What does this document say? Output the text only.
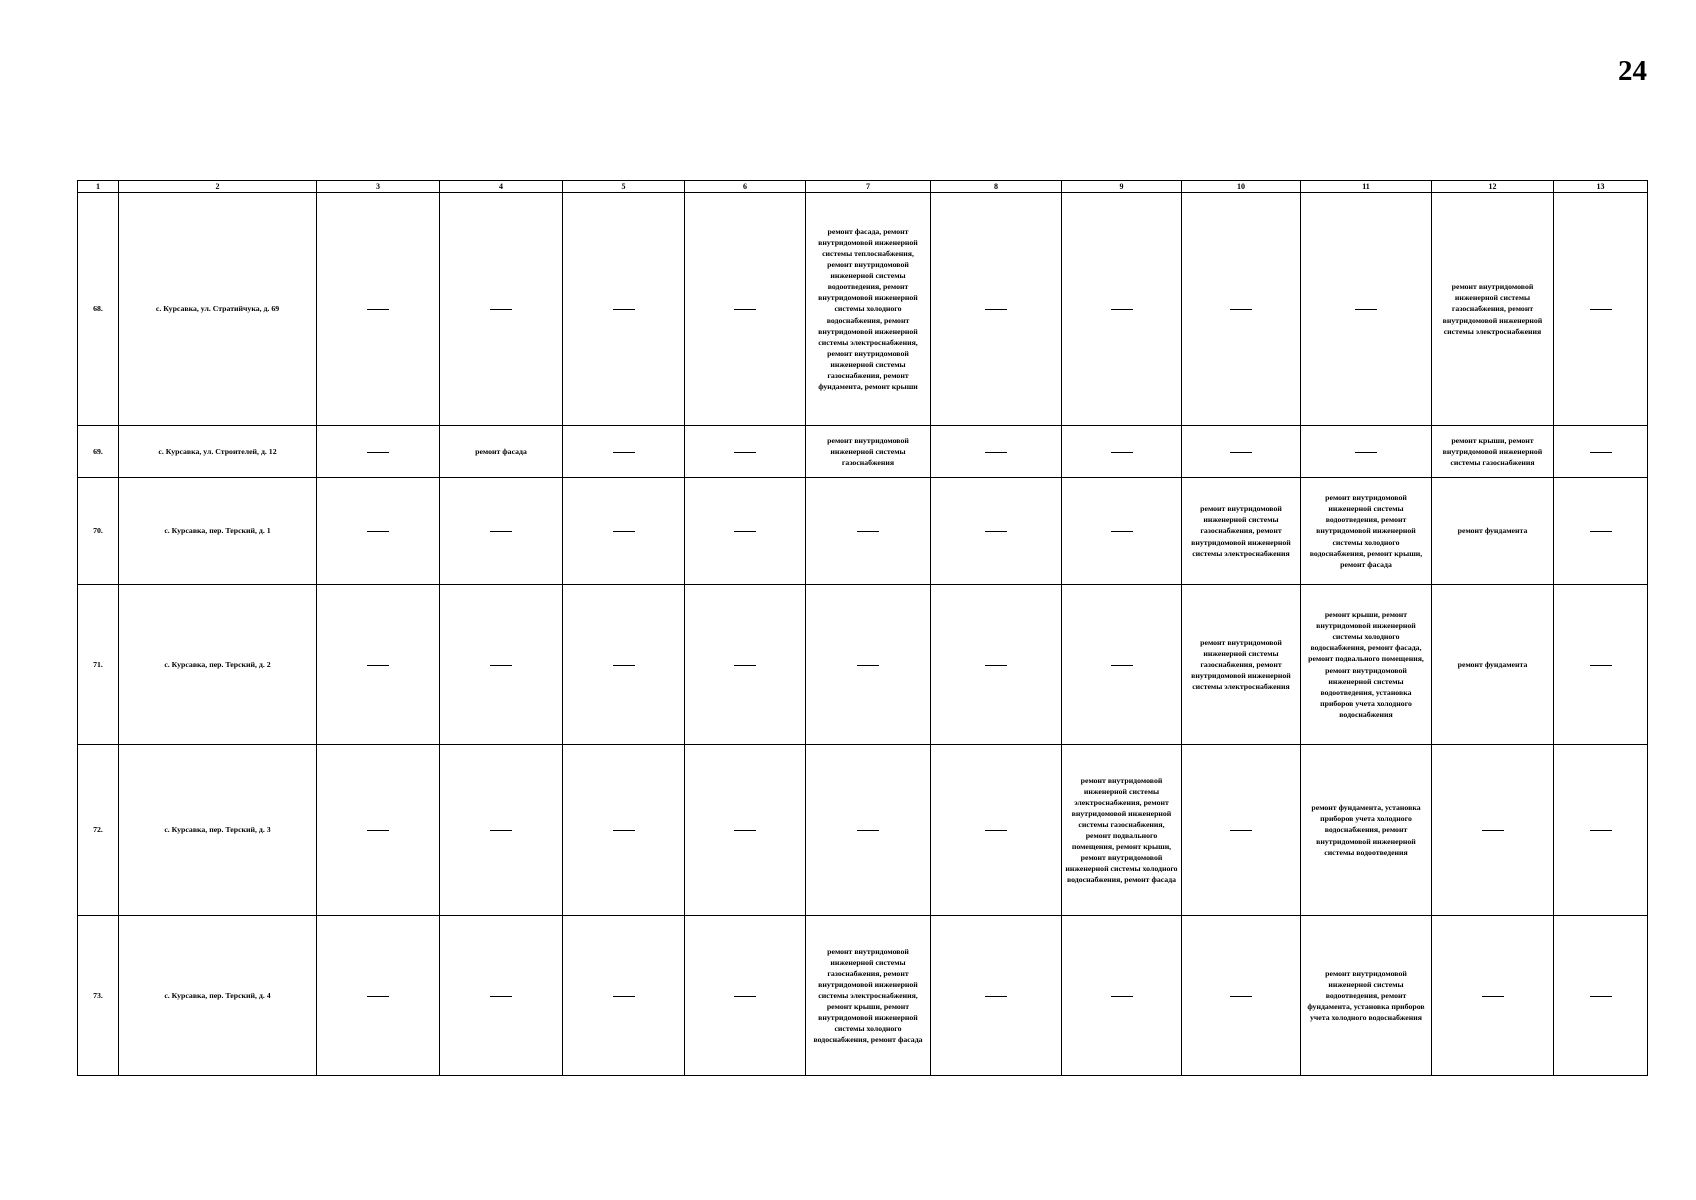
24
1	2	3	4	5	6	7	8	9	10	11	12	13
68.	с. Курсавка, ул. Стратийчука, д. 69					ремонт фасада, ремонт внутридомовой инженерной системы теплоснабжения, ремонт внутридомовой инженерной системы водоотведения, ремонт внутридомовой инженерной системы холодного водоснабжения, ремонт внутридомовой инженерной системы электроснабжения, ремонт внутридомовой инженерной системы газоснабжения, ремонт фундамента, ремонт крыши					ремонт внутридомовой инженерной системы газоснабжения, ремонт внутридомовой инженерной системы электроснабжения	
69.	с. Курсавка, ул. Строителей, д. 12		ремонт фасада			ремонт внутридомовой инженерной системы газоснабжения					ремонт крыши, ремонт внутридомовой инженерной системы газоснабжения	
70.	с. Курсавка, пер. Терский, д. 1								ремонт внутридомовой инженерной системы газоснабжения, ремонт внутридомовой инженерной системы электроснабжения	ремонт внутридомовой инженерной системы водоотведения, ремонт внутридомовой инженерной системы холодного водоснабжения, ремонт крыши, ремонт фасада	ремонт фундамента	
71.	с. Курсавка, пер. Терский, д. 2								ремонт внутридомовой инженерной системы газоснабжения, ремонт внутридомовой инженерной системы электроснабжения	ремонт крыши, ремонт внутридомовой инженерной системы холодного водоснабжения, ремонт фасада, ремонт подвального помещения, ремонт внутридомовой инженерной системы водоотведения, установка приборов учета холодного водоснабжения	ремонт фундамента	
72.	с. Курсавка, пер. Терский, д. 3							ремонт внутридомовой инженерной системы электроснабжения, ремонт внутридомовой инженерной системы газоснабжения, ремонт подвального помещения, ремонт крыши, ремонт внутридомовой инженерной системы холодного водоснабжения, ремонт фасада		ремонт фундамента, установка приборов учета холодного водоснабжения, ремонт внутридомовой инженерной системы водоотведения		
73.	с. Курсавка, пер. Терский, д. 4					ремонт внутридомовой инженерной системы газоснабжения, ремонт внутридомовой инженерной системы электроснабжения, ремонт крыши, ремонт внутридомовой инженерной системы холодного водоснабжения, ремонт фасада				ремонт внутридомовой инженерной системы водоотведения, ремонт фундамента, установка приборов учета холодного водоснабжения		
